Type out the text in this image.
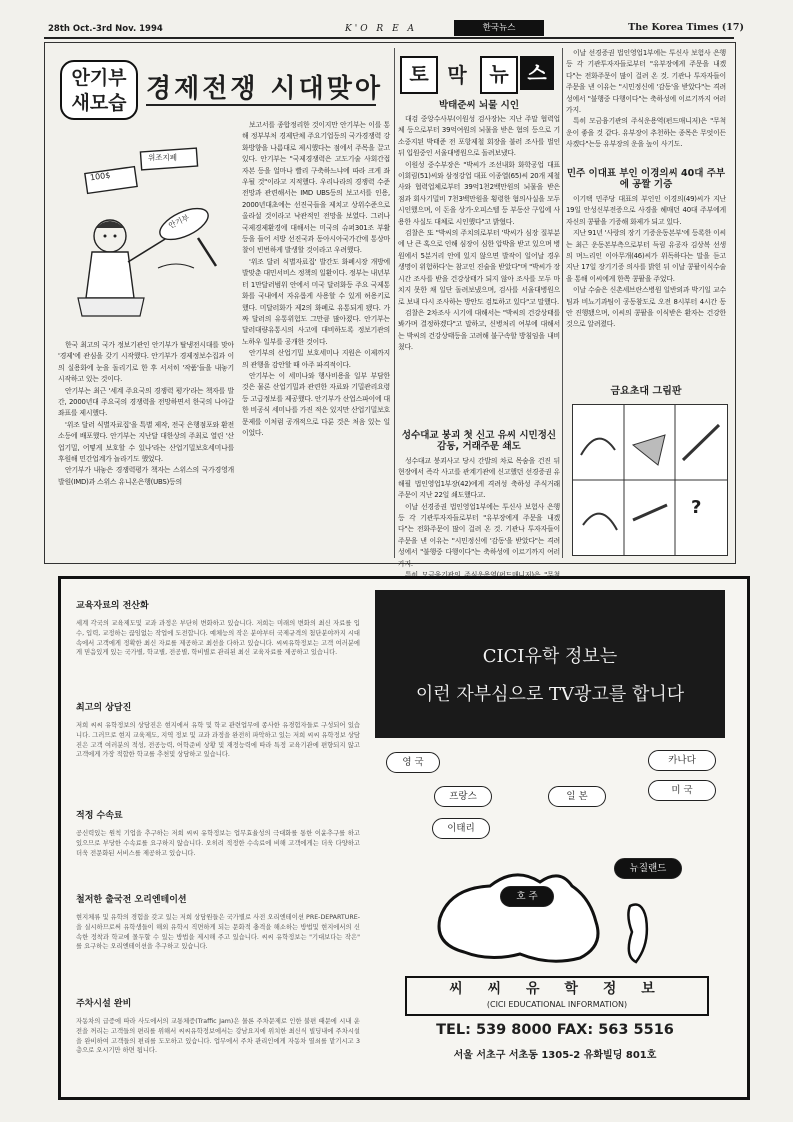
28th Oct.-3rd Nov. 1994	K'O R E A	한국뉴스	The Korea Times (17)
안기부
새모습 경제전쟁 시대맞아
100$
위조지폐
안기부

한국 최고의 국가 정보기관인 안기부가 탈냉전시대를 맞아 '경제'에 관심을 갖기 시작했다. 안기부가 경제정보수집과 이의 실용화에 눈을 돌리기로 한 후 서서히 '작품'들을 내놓기 시작하고 있는 것이다.

안기부는 최근 '세계 주요국의 경쟁력 평가'라는 책자를 발간, 2000년대 주요국의 경쟁력을 전망하면서 한국의 나아갈 좌표를 제시했다.

'위조 달러 식별자료집'을 특별 제작, 전국 은행점포와 환전소등에 배포했다. 안기부는 지난달 대한상의 주최로 열린 '산업기밀, 어떻게 보호할 수 있나'라는 산업기밀보호세미나를 후원해 민간업계가 놀라기도 했었다.

안기부가 내놓은 경쟁력평가 책자는 스위스의 국가경영개발원(IMD)과 스위스 유니온은행(UBS)등의

보고서를 종합정리한 것이지만 안기부는 이를 통해 정부부처 경제단체 주요기업등의 국가경쟁력 강화방향을 나름대로 제시했다는 점에서 주목을 끌고 있다. 안기부는 "국제경쟁력은 고도기술 사회간접자본 등을 얼마나 빨리 구축하느냐에 따라 크게 좌우될 것"이라고 지적했다. 우리나라의 경쟁력 수준전망과 관련해서는 IMD UBS등의 보고서를 인용, 2000년대초에는 선진국들을 제치고 상위수준으로 올라설 것이라고 낙관적인 전망을 보였다. 그러나 국제경제환경에 대해서는 미국의 슈퍼301조 부활등을 들어 서방 선진국과 동아시아국가간에 통상마찰이 빈번하게 발생할 것이라고 우려했다.

'위조 달러 식별자료집' 발간도 화폐시장 개방에 발맞춘 대민서비스 정책의 일환이다. 정부는 내년부터 1만달러범위 안에서 미국 달러화등 주요 국제통화를 국내에서 자유롭게 사용할 수 있게 허용키로 했다. 미달러화가 제2의 화폐로 유통되게 됐다. 가짜 달러의 유통위험도 그만큼 많아졌다. 안기부는 달러대량유통시의 사고에 대비하도록 정보기관의 노하우 일부를 공개한 것이다.

안기부의 산업기밀 보호세미나 지원은 이제까지의 관행을 감안할 때 아주 파격적이다.

안기부는 이 세미나와 행사비용을 일부 부담한 것은 물론 산업기밀과 관련한 자료와 기밀관리요령등 고급정보를 제공했다. 안기부가 산업스파이에 대한 비공식 세미나를 가진 적은 있지만 산업기밀보호문제를 이처럼 공개적으로 다룬 것은 처음 있는 일이었다.

토 막	뉴 스
박태준씨 뇌물 시인

대검 중앙수사부(이원성 검사장)는 지난 주말 협력업체 등으로부터 39억여원의 뇌물을 받은 혐의 등으로 기소중지된 박태준 전 포항제철 회장을 불러 조사를 벌인 뒤 입원중인 서울대병원으로 돌려보냈다.

이원성 중수부장은 "박씨가 조선내화 화학공업 대표 이회림(51)씨와 삼정강업 대표 이종열(65)씨 20개 제철사와 협력업체로부터 39억1천2백만원의 뇌물을 받은 점과 회사기밀비 7천3백만원을 횡령한 혐의사실을 모두 시인했으며, 이 돈을 상가·오피스텔 등 부동산 구입에 사용한 사실도 대체로 시인했다"고 밝혔다.

검찰은 또 "박씨의 주치의로부터 '박씨가 심장 질부분에 난 큰 혹으로 인해 심장이 심한 압박을 받고 있으며 병원에서 5분거리 안에 있지 않으면 발작이 일어날 경우 생명이 위험하다'는 참고인 진술을 받았다"며 "박씨가 장시간 조사를 받을 건강상태가 되지 않아 조사를 모두 마치지 못한 채 일단 돌려보냈으며, 검사를 서울대병원으로 보내 다시 조사하는 방안도 검토하고 있다"고 말했다.

검찰은 2차조사 시기에 대해서는 "박씨의 건강상태를 봐가며 결정하겠다"고 말하고, 신병처리 여부에 대해서는 박씨의 건강상태등을 고려해 불구속할 방침임을 내비쳤다.

성수대교 붕괴 첫 신고 유씨 시민정신 감동, 거래주문 쇄도

성수대교 붕괴사고 당시 간발의 차로 목숨을 건진 뒤 현장에서 즉각 사고를 관계기관에 신고했던 선경증권 유해필 법인영업1부장(42)에게 격려성 축하성 주식거래 주문이 지난 22일 쇄도했다고.

이날 선경증권 법인영업1부에는 투신사 보험사 은행 등 각 기관투자자들로부터 "유부장에게 주문을 내겠다"는 전화주문이 많이 걸려 온 것. 기관나 투자자들이 주문을 낸 이유는 "시민정신에 '감동'을 받았다"는 격려성에서 "불행중 다행이다"는 축하성에 이르기까지 여러가지.

이날 선경증권 법인영업1부에는 투신사 보험사 은행 등 각 기관투자자들로부터 "유부장에게 주문을 내겠다"는 전화주문이 많이 걸려 온 것. 기관나 투자자들이 주문을 낸 이유는 "시민정신에 '감동'을 받았다"는 격려성에서 "불행중 다행이다"는 축하성에 이르기까지 여러가지.

특히 모금융기관의 주식운용역(펀드매니저)은 "무척 운이 좋을 것 같다. 유부장이 추천하는 종목은 무엇이든 사겠다"는등 유부장의 운을 높이 사기도.

민주 이대표 부인 이경의씨 40대 주부에 공짤 기증

이기택 민주당 대표의 부인인 이경의(49)씨가 지난 19일 안성신부전증으로 사경을 헤매던 40대 주부에게 자신의 콩팥을 기증해 화제가 되고 있다.

지난 91년 '사랑의 장기 기증운동본부'에 등록한 이씨는 최근 운동본부측으로부터 득림 유공자 김상복 선생의 며느리인 이아무개(46)씨가 위독하다는 말을 듣고 지난 17일 장기기증 의사를 밝힌 뒤 이날 콩팥이식수술을 통해 이씨에게 한쪽 콩팥을 주었다.

이날 수술은 신촌세브란스병원 일반외과 박기일 교수팀과 비뇨기과팀이 공동참도로 오전 8시부터 4시간 동안 진행됐으며, 이씨의 콩팥을 이식받은 환자는 건강한 것으로 알려졌다.

금요초대 그림판
?

교육자료의 전산화

세계 각국의 교육제도및 교과 과정은 부단히 변화하고 있습니다. 저희는 미래의 변화의 최신 자료를 입수, 입력, 교정하는 끊임없는 작업에 도전합니다. 예체능의 작은 분야부터 국제규격의 첨단분야까지 시대속에서 고객에게 정확한 최신 자료를 제공하고 최선을 다하고 있습니다. 씨씨유학정보는 고객 여러분에게 믿음있게 있는 국가별, 학교별, 전공별, 학비별로 관리된 최신 교육자료를 제공하고 있습니다.

최고의 상담진

저희 씨씨 유학정보의 상담진은 현지에서 유학 및 학교 관련업무에 종사한 유경험자들로 구성되어 있습니다. 그러므로 현지 교육제도, 지역 정보 및 교과 과정을 완전히 파악하고 있는 저희 씨씨 유학정보 상담진은 고객 여러분의 적성, 전공능력, 어학준비 상황 및 재정능력에 따라 특정 교육기관에 편향되지 않고 고객에게 가장 적합한 학교를 추천및 상담하고 있습니다.

적정 수속료

공신력있는 원칙 기업을 추구하는 저희 씨씨 유학정보는 업무효율성의 극대화를 통한 이윤추구를 하고 있으므로 부당한 수속료를 요구하지 않습니다. 오히려 적정한 수속료에 비해 고객에게는 더욱 다양하고 더욱 전문화된 서비스를 제공하고 있습니다.

철저한 출국전 오리엔테이션

현지체류 및 유학의 경험을 갖고 있는 저희 상담원들은 국가별로 사전 오리엔테이션 PRE-DEPARTURE-을 실시하므로써 유학생들이 해외 유학시 직면하게 되는 문화적 충격을 해소하는 방법및 현지에서의 신속한 정착과 학교에 몰두할 수 있는 방법을 제시해 주고 있습니다. 씨씨 유학정보는 "기대보다는 작은" 를 요구하는 오리엔테이션을 추구하고 있습니다.

주차시설 완비

자동차의 급증에 따라 사도에서의 교통체증(Traffic Jam)은 물론 주차문제로 인한 불편 때문에 시내 운전을 꺼리는 고객들의 편리를 위해서 씨씨유학정보에서는 강남요지에 위치한 최신식 빌딩내에 주차시설을 완비하여 고객들의 편리를 도모하고 있습니다. 업무에서 주차 관리인에게 자동차 열쇠를 맡기시고 3층으로 오시기만 하면 됩니다.

CICI유학 정보는
이런 자부심으로 TV광고를 합니다
영 국	카나다
프랑스	일 본
미 국
이태리
뉴질랜드
호 주
씨 씨 유 학 정 보
(CICI EDUCATIONAL INFORMATION)
TEL: 539 8000 FAX: 563 5516
서울 서초구 서초동 1305-2 유화빌딩 801호
